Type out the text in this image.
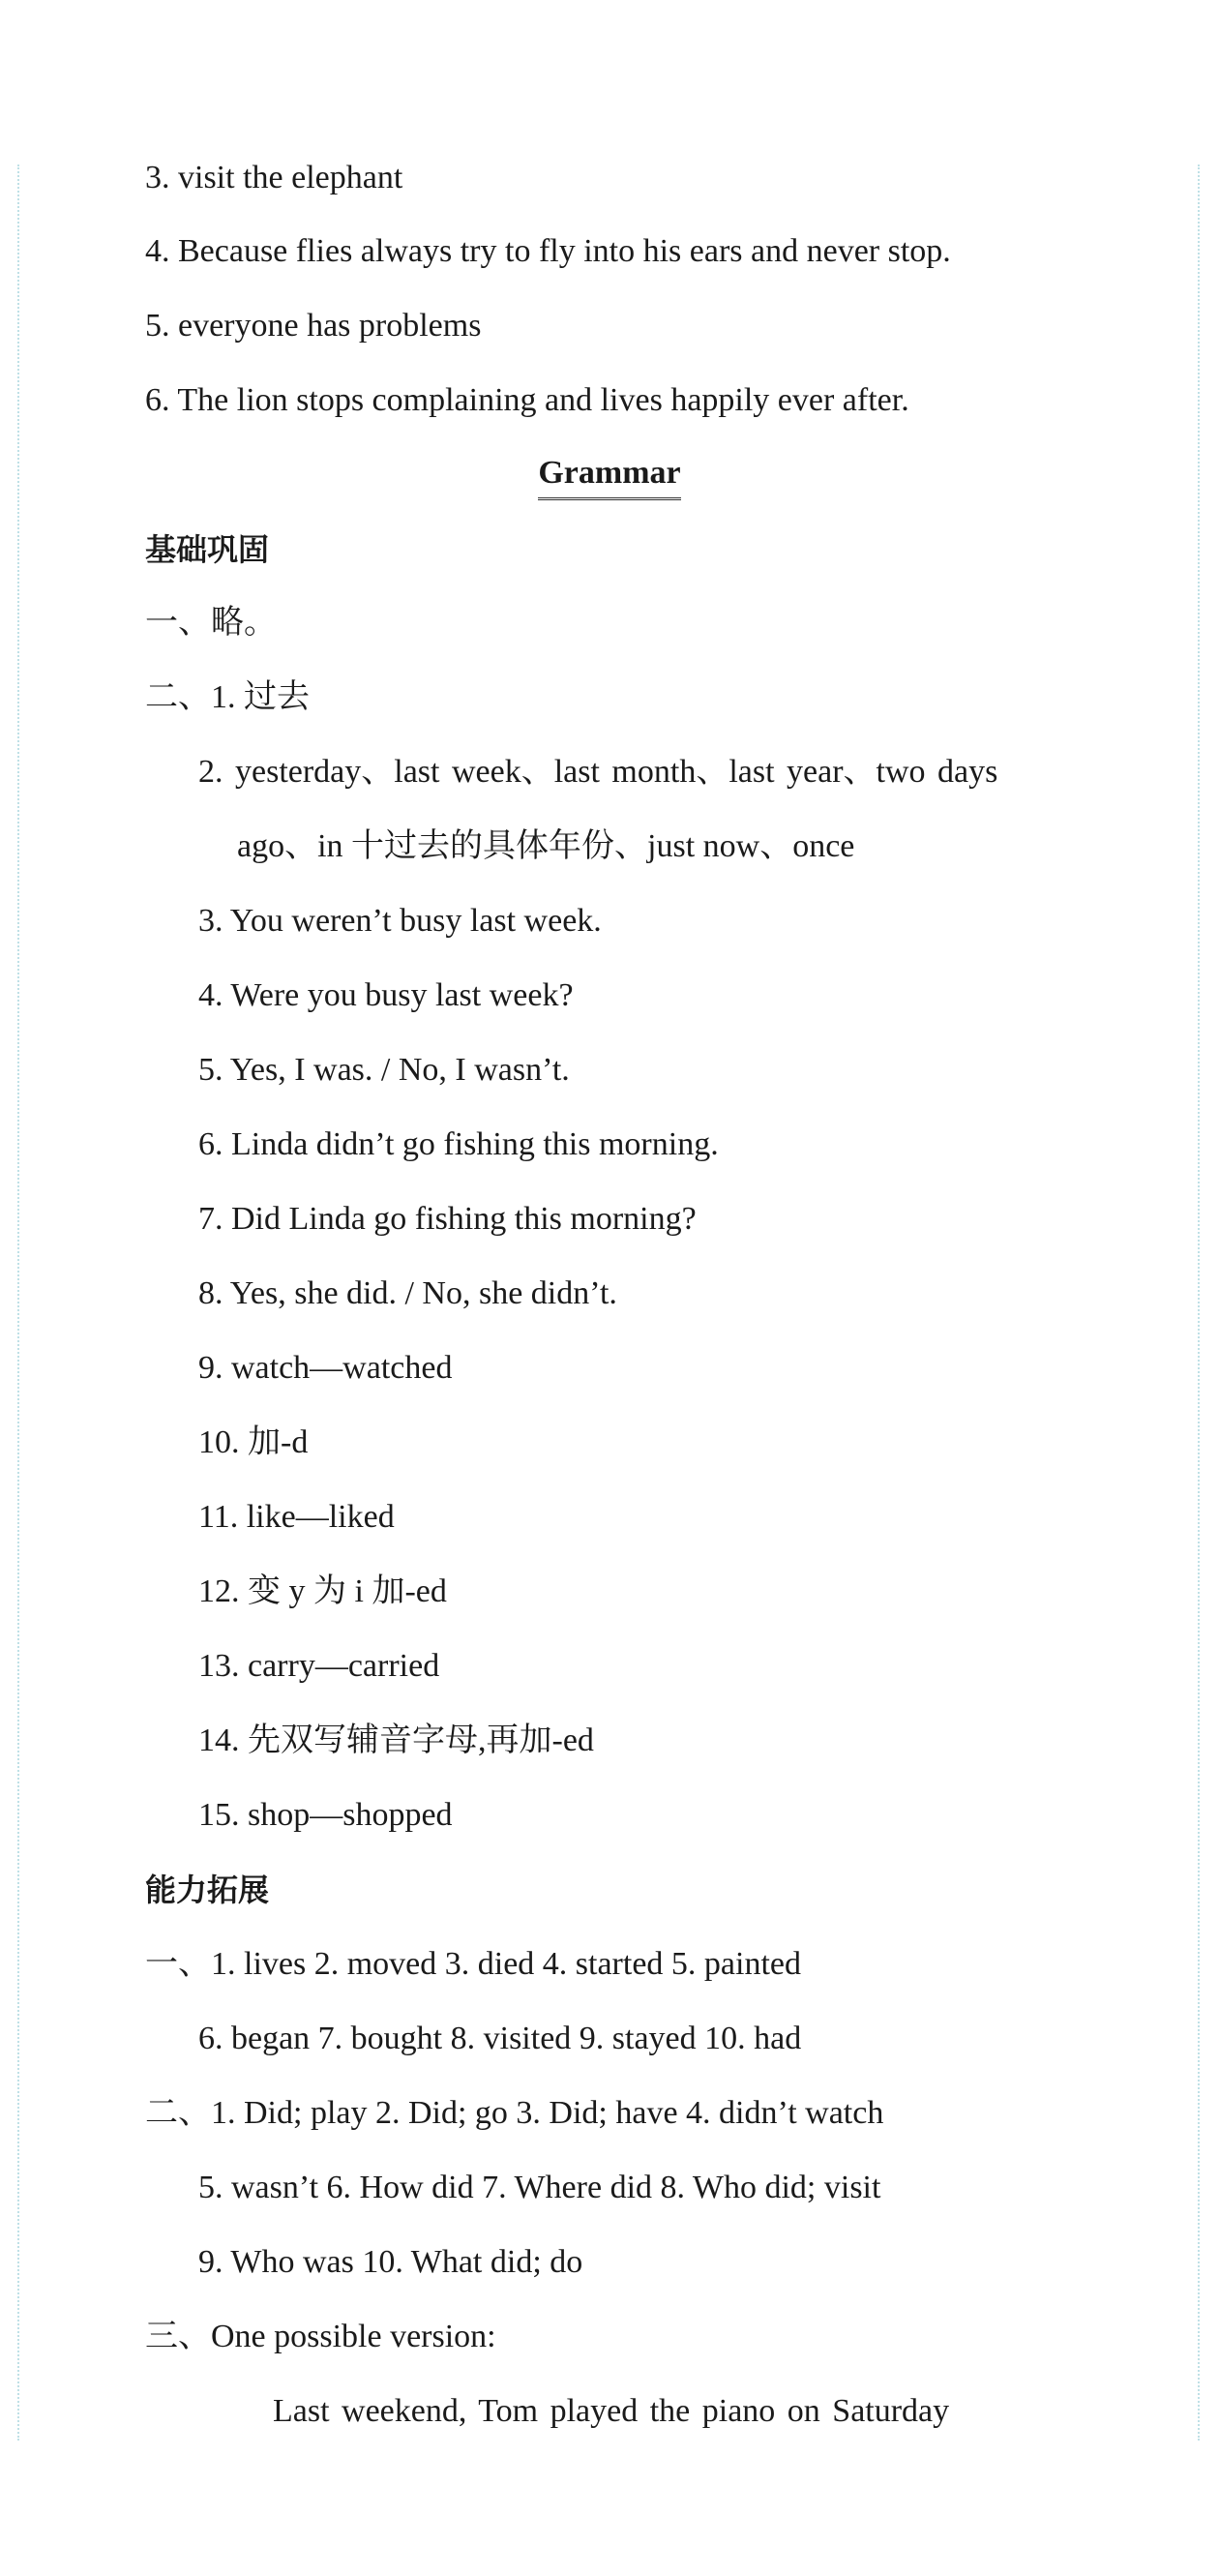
3. visit the elephant
4. Because flies always try to fly into his ears and never stop.
5. everyone has problems
6. The lion stops complaining and lives happily ever after.
Grammar
基础巩固
一、略。
二、1. 过去
2. yesterday、last week、last month、last year、two days
ago、in 十过去的具体年份、just now、once
3. You weren’t busy last week.
4. Were you busy last week?
5. Yes, I was. / No, I wasn’t.
6. Linda didn’t go fishing this morning.
7. Did Linda go fishing this morning?
8. Yes, she did. / No, she didn’t.
9. watch—watched
10. 加-d
11. like—liked
12. 变 y 为 i 加-ed
13. carry—carried
14. 先双写辅音字母,再加-ed
15. shop—shopped
能力拓展
一、1. lives 2. moved 3. died 4. started 5. painted
6. began 7. bought 8. visited 9. stayed 10. had
二、1. Did; play 2. Did; go 3. Did; have 4. didn’t watch
5. wasn’t 6. How did 7. Where did 8. Who did; visit
9. Who was 10. What did; do
三、One possible version:
Last weekend, Tom played the piano on Saturday
